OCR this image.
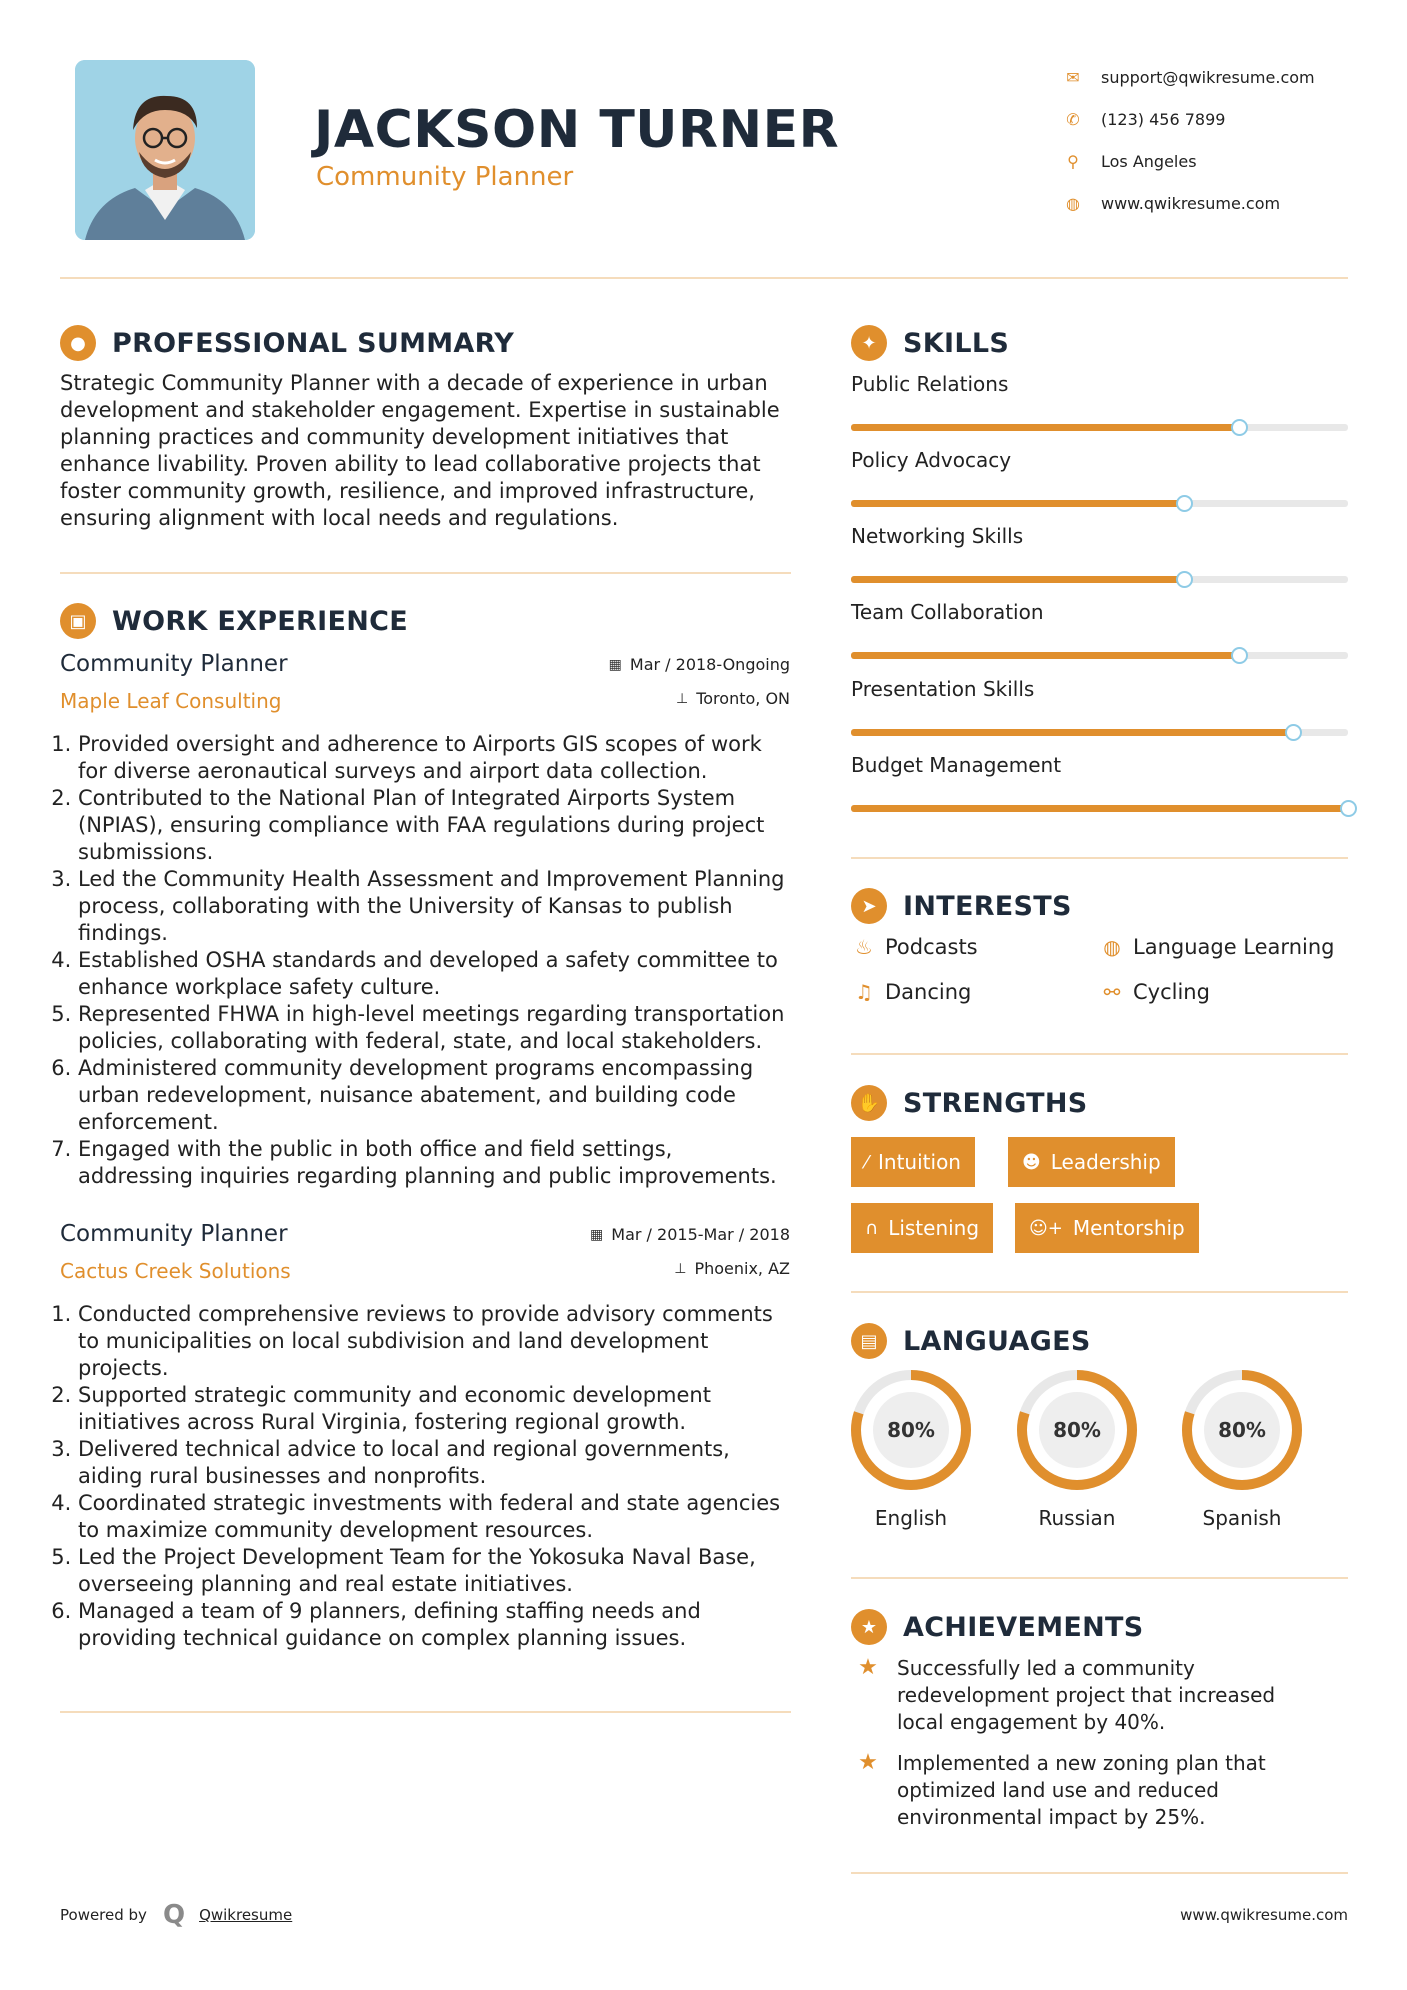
JACKSON TURNER
Community Planner
✉	support@qwikresume.com
✆	(123) 456 7899
⚲	Los Angeles
◍	www.qwikresume.com
● PROFESSIONAL SUMMARY
Strategic Community Planner with a decade of experience in urban development and stakeholder engagement. Expertise in sustainable planning practices and community development initiatives that enhance livability. Proven ability to lead collaborative projects that foster community growth, resilience, and improved infrastructure, ensuring alignment with local needs and regulations.
▣ WORK EXPERIENCE
Community Planner
Maple Leaf Consulting
▦ Mar / 2018-Ongoing
⊥ Toronto, ON
1. Provided oversight and adherence to Airports GIS scopes of work for diverse aeronautical surveys and airport data collection.
2. Contributed to the National Plan of Integrated Airports System (NPIAS), ensuring compliance with FAA regulations during project submissions.
3. Led the Community Health Assessment and Improvement Planning process, collaborating with the University of Kansas to publish findings.
4. Established OSHA standards and developed a safety committee to enhance workplace safety culture.
5. Represented FHWA in high-level meetings regarding transportation policies, collaborating with federal, state, and local stakeholders.
6. Administered community development programs encompassing urban redevelopment, nuisance abatement, and building code enforcement.
7. Engaged with the public in both office and field settings, addressing inquiries regarding planning and public improvements.
Community Planner
Cactus Creek Solutions
▦ Mar / 2015-Mar / 2018
⊥ Phoenix, AZ
1. Conducted comprehensive reviews to provide advisory comments to municipalities on local subdivision and land development projects.
2. Supported strategic community and economic development initiatives across Rural Virginia, fostering regional growth.
3. Delivered technical advice to local and regional governments, aiding rural businesses and nonprofits.
4. Coordinated strategic investments with federal and state agencies to maximize community development resources.
5. Led the Project Development Team for the Yokosuka Naval Base, overseeing planning and real estate initiatives.
6. Managed a team of 9 planners, defining staffing needs and providing technical guidance on complex planning issues.
✦ SKILLS
Public Relations
Policy Advocacy
Networking Skills
Team Collaboration
Presentation Skills
Budget Management
➤ INTERESTS
♨ Podcasts	◍ Language Learning
♫ Dancing	⚯ Cycling
✋ STRENGTHS
⁄ Intuition	☻ Leadership
∩ Listening	☺+ Mentorship
▤ LANGUAGES
80%
English
80%
Russian
80%
Spanish
★ ACHIEVEMENTS
★ Successfully led a community redevelopment project that increased local engagement by 40%.
★ Implemented a new zoning plan that optimized land use and reduced environmental impact by 25%.
Powered by Q Qwikresume	www.qwikresume.com
